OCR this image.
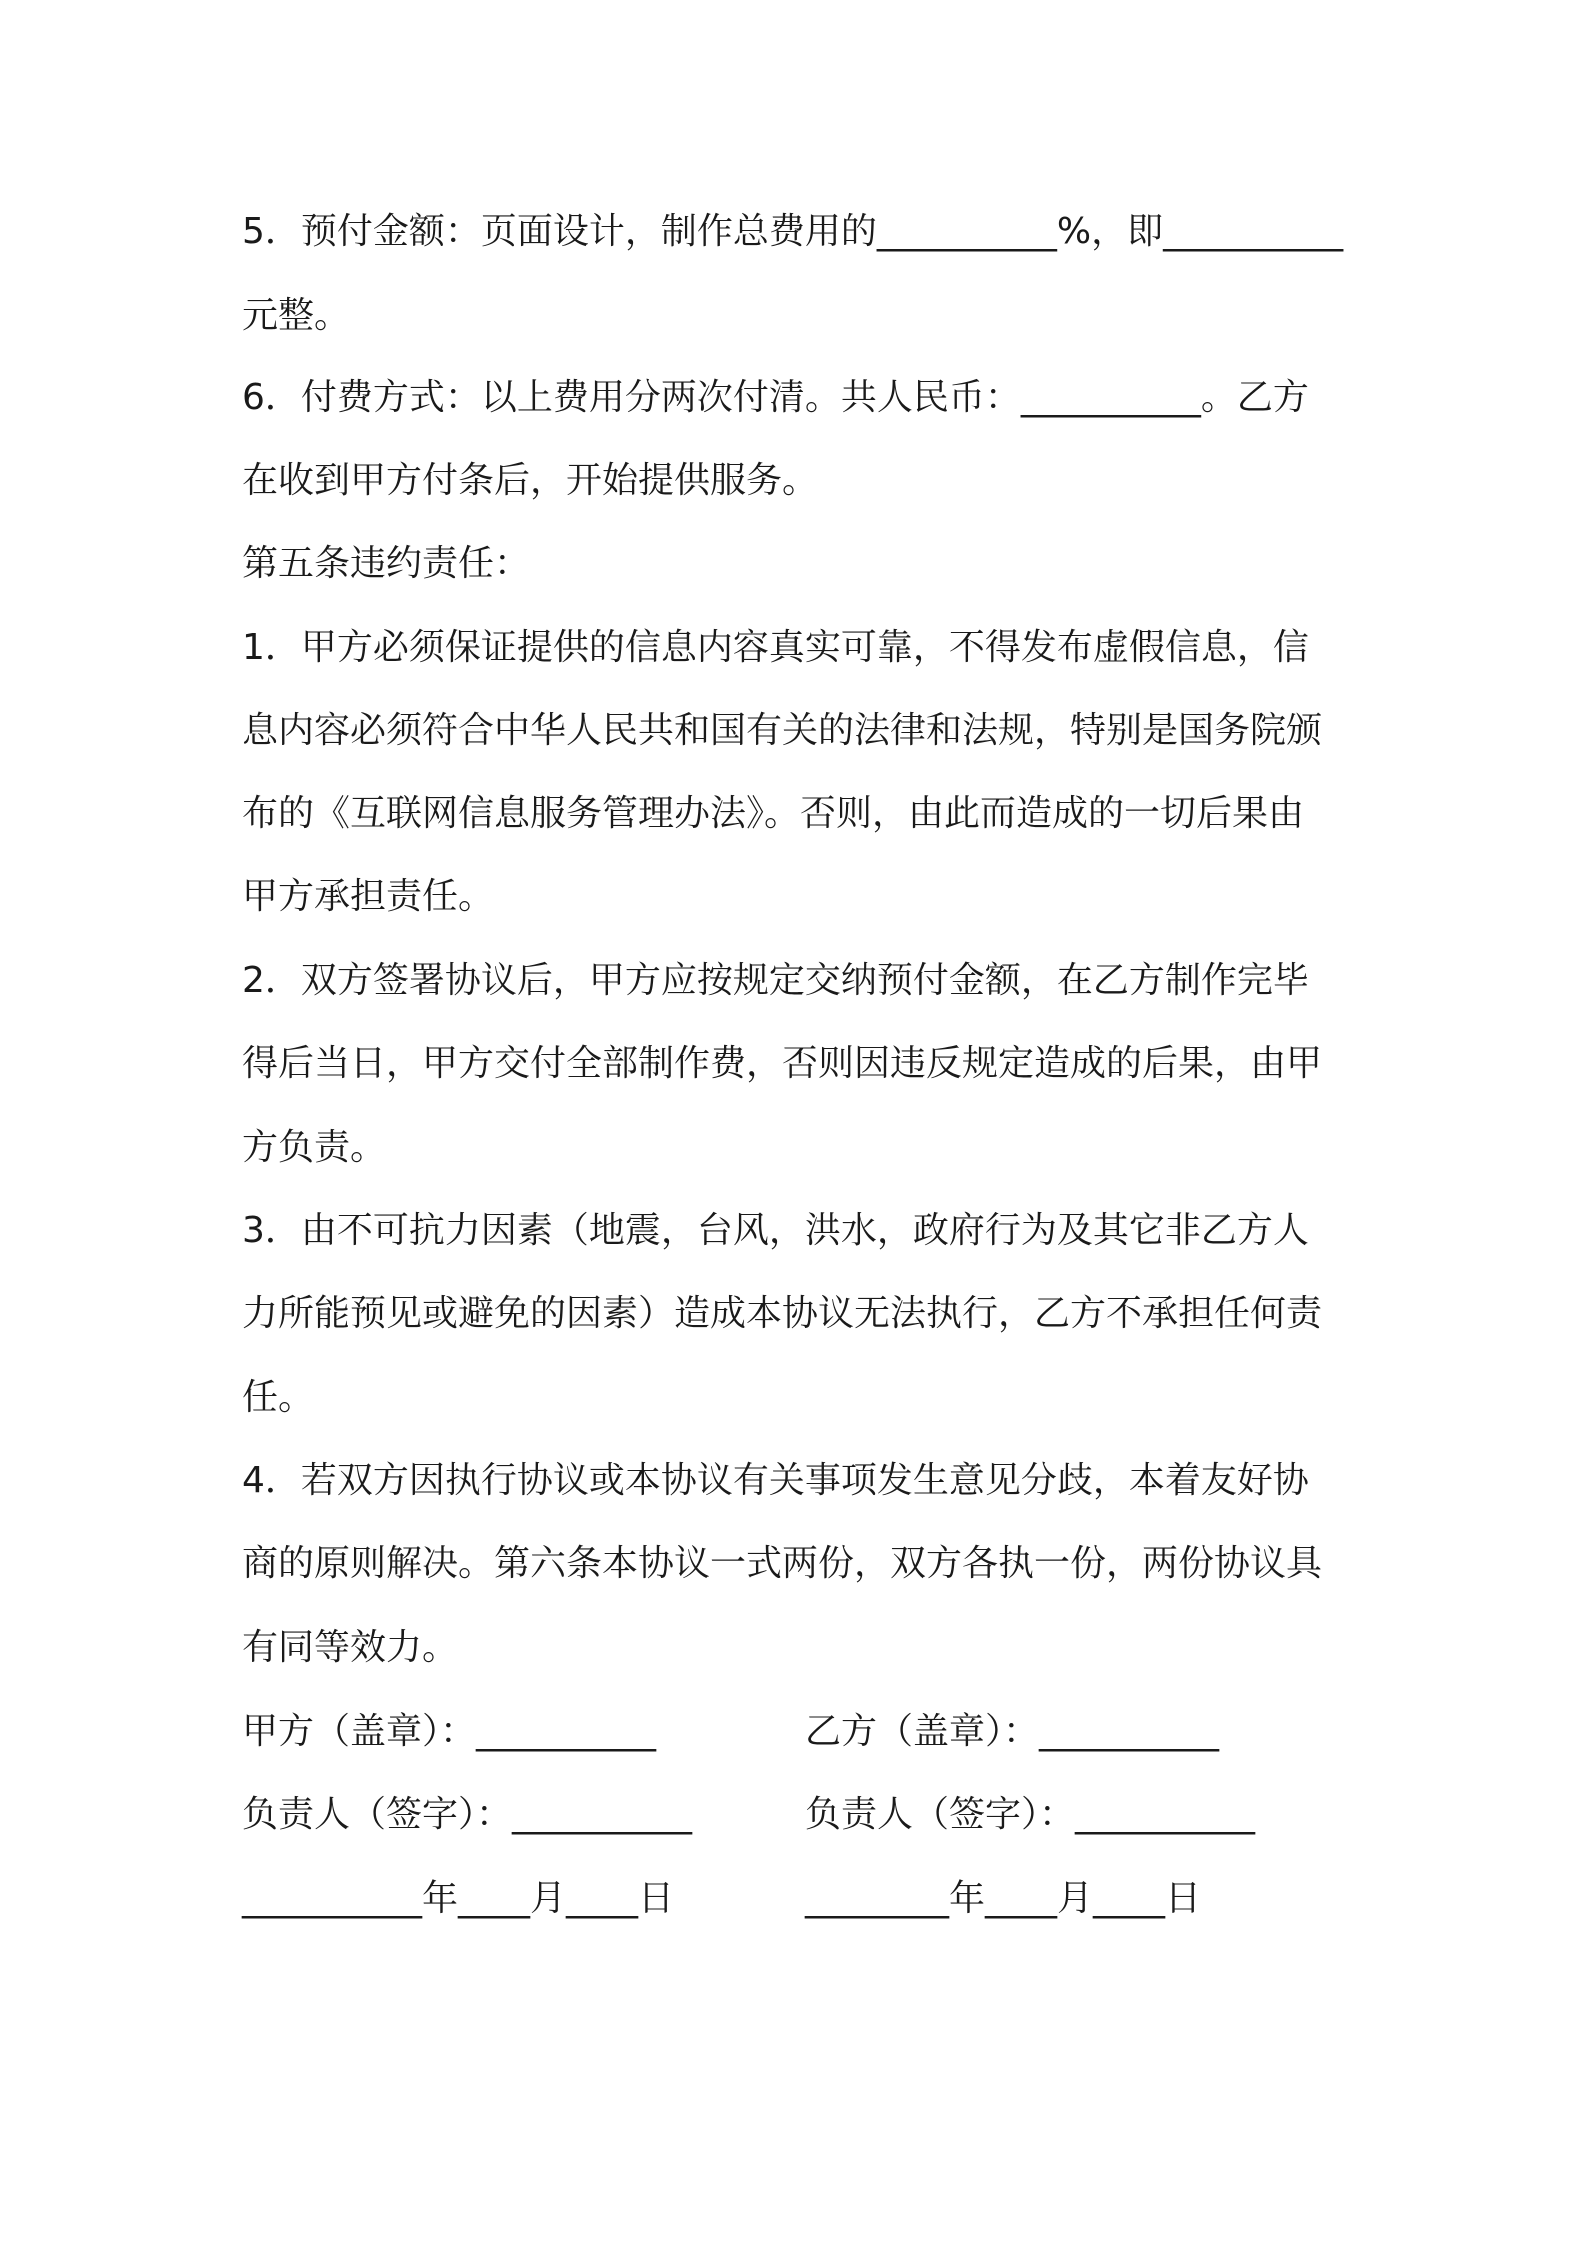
5．预付金额：页面设计，制作总费用的__________%，即__________
元整。
6．付费方式：以上费用分两次付清。共人民币：__________。乙方
在收到甲方付条后，开始提供服务。
第五条违约责任：
1．甲方必须保证提供的信息内容真实可靠，不得发布虚假信息，信
息内容必须符合中华人民共和国有关的法律和法规，特别是国务院颁
布的《互联网信息服务管理办法》。否则，由此而造成的一切后果由
甲方承担责任。
2．双方签署协议后，甲方应按规定交纳预付金额，在乙方制作完毕
得后当日，甲方交付全部制作费，否则因违反规定造成的后果，由甲
方负责。
3．由不可抗力因素（地震，台风，洪水，政府行为及其它非乙方人
力所能预见或避免的因素）造成本协议无法执行，乙方不承担任何责
任。
4．若双方因执行协议或本协议有关事项发生意见分歧，本着友好协
商的原则解决。第六条本协议一式两份，双方各执一份，两份协议具
有同等效力。
甲方（盖章）：__________	乙方（盖章）：__________
负责人（签字）：__________	负责人（签字）：__________
__________年____月____日	________年____月____日
